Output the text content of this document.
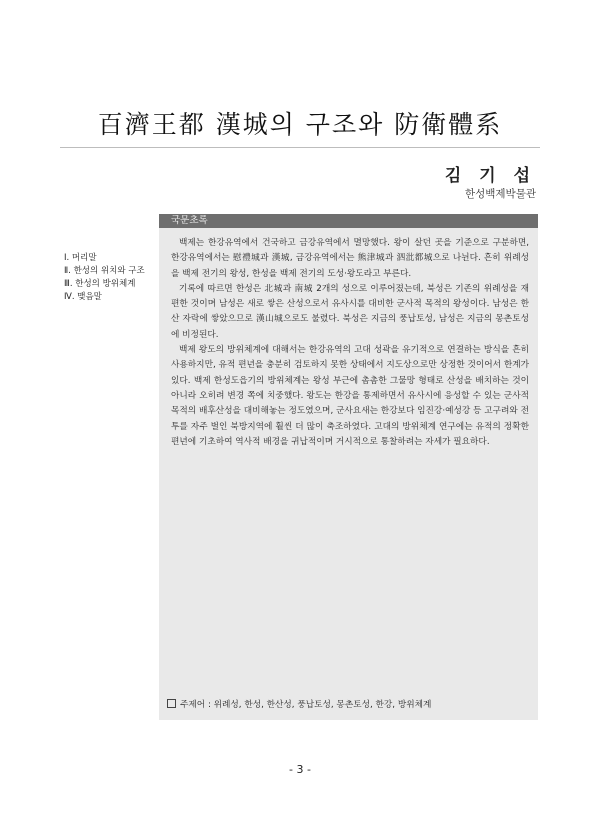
百濟王都 漢城의 구조와 防衛體系
김 기 섭
한성백제박물관
Ⅰ. 머리말
Ⅱ. 한성의 위치와 구조
Ⅲ. 한성의 방위체계
Ⅳ. 맺음말
국문초록

백제는 한강유역에서 건국하고 금강유역에서 멸망했다. 왕이 살던 곳을 기준으로 구분하면, 한강유역에서는 慰禮城과 漢城, 금강유역에서는 熊津城과 泗沘都城으로 나뉜다. 흔히 위례성을 백제 전기의 왕성, 한성을 백제 전기의 도성·왕도라고 부른다.

기록에 따르면 한성은 北城과 南城 2개의 성으로 이루어졌는데, 북성은 기존의 위례성을 재편한 것이며 남성은 새로 쌓은 산성으로서 유사시를 대비한 군사적 목적의 왕성이다. 남성은 한산 자락에 쌓았으므로 漢山城으로도 불렸다. 북성은 지금의 풍납토성, 남성은 지금의 몽촌토성에 비정된다.

백제 왕도의 방위체계에 대해서는 한강유역의 고대 성곽을 유기적으로 연결하는 방식을 흔히 사용하지만, 유적 편년을 충분히 검토하지 못한 상태에서 지도상으로만 상정한 것이어서 한계가 있다. 백제 한성도읍기의 방위체계는 왕성 부근에 촘촘한 그물망 형태로 산성을 배치하는 것이 아니라 오히려 변경 쪽에 치중했다. 왕도는 한강을 통제하면서 유사시에 응성할 수 있는 군사적 목적의 배후산성을 대비해놓는 정도였으며, 군사요새는 한강보다 임진강·예성강 등 고구려와 전투를 자주 벌인 북방지역에 훨씬 더 많이 축조하였다. 고대의 방위체계 연구에는 유적의 정확한 편년에 기초하여 역사적 배경을 귀납적이며 거시적으로 통찰하려는 자세가 필요하다.

주제어 : 위례성, 한성, 한산성, 풍납토성, 몽촌토성, 한강, 방위체계
- 3 -
